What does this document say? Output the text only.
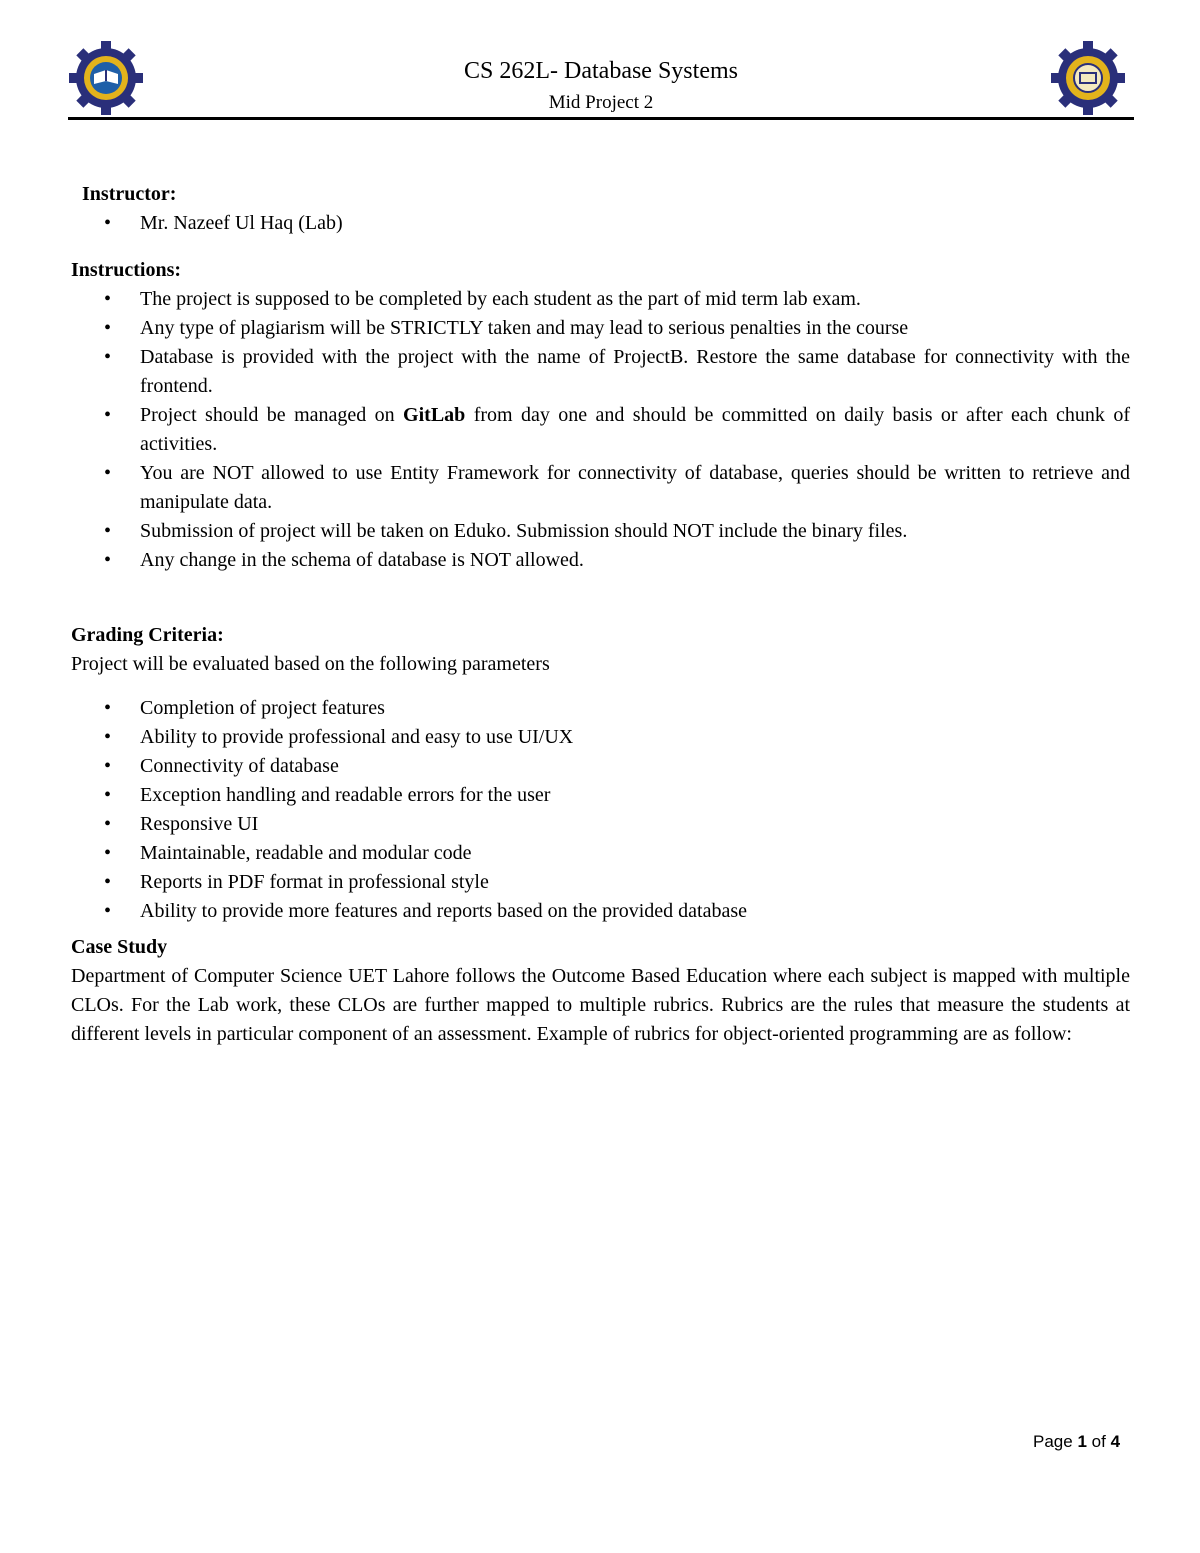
CS 262L- Database Systems
Mid Project 2
Instructor:
• Mr. Nazeef Ul Haq (Lab)
Instructions:
• The project is supposed to be completed by each student as the part of mid term lab exam.
• Any type of plagiarism will be STRICTLY taken and may lead to serious penalties in the course
• Database is provided with the project with the name of ProjectB. Restore the same database for connectivity with the frontend.
• Project should be managed on GitLab from day one and should be committed on daily basis or after each chunk of activities.
• You are NOT allowed to use Entity Framework for connectivity of database, queries should be written to retrieve and manipulate data.
• Submission of project will be taken on Eduko. Submission should NOT include the binary files.
• Any change in the schema of database is NOT allowed.
Grading Criteria:
Project will be evaluated based on the following parameters
• Completion of project features
• Ability to provide professional and easy to use UI/UX
• Connectivity of database
• Exception handling and readable errors for the user
• Responsive UI
• Maintainable, readable and modular code
• Reports in PDF format in professional style
• Ability to provide more features and reports based on the provided database
Case Study

Department of Computer Science UET Lahore follows the Outcome Based Education where each subject is mapped with multiple CLOs. For the Lab work, these CLOs are further mapped to multiple rubrics. Rubrics are the rules that measure the students at different levels in particular component of an assessment. Example of rubrics for object-oriented programming are as follow:

Page 1 of 4
